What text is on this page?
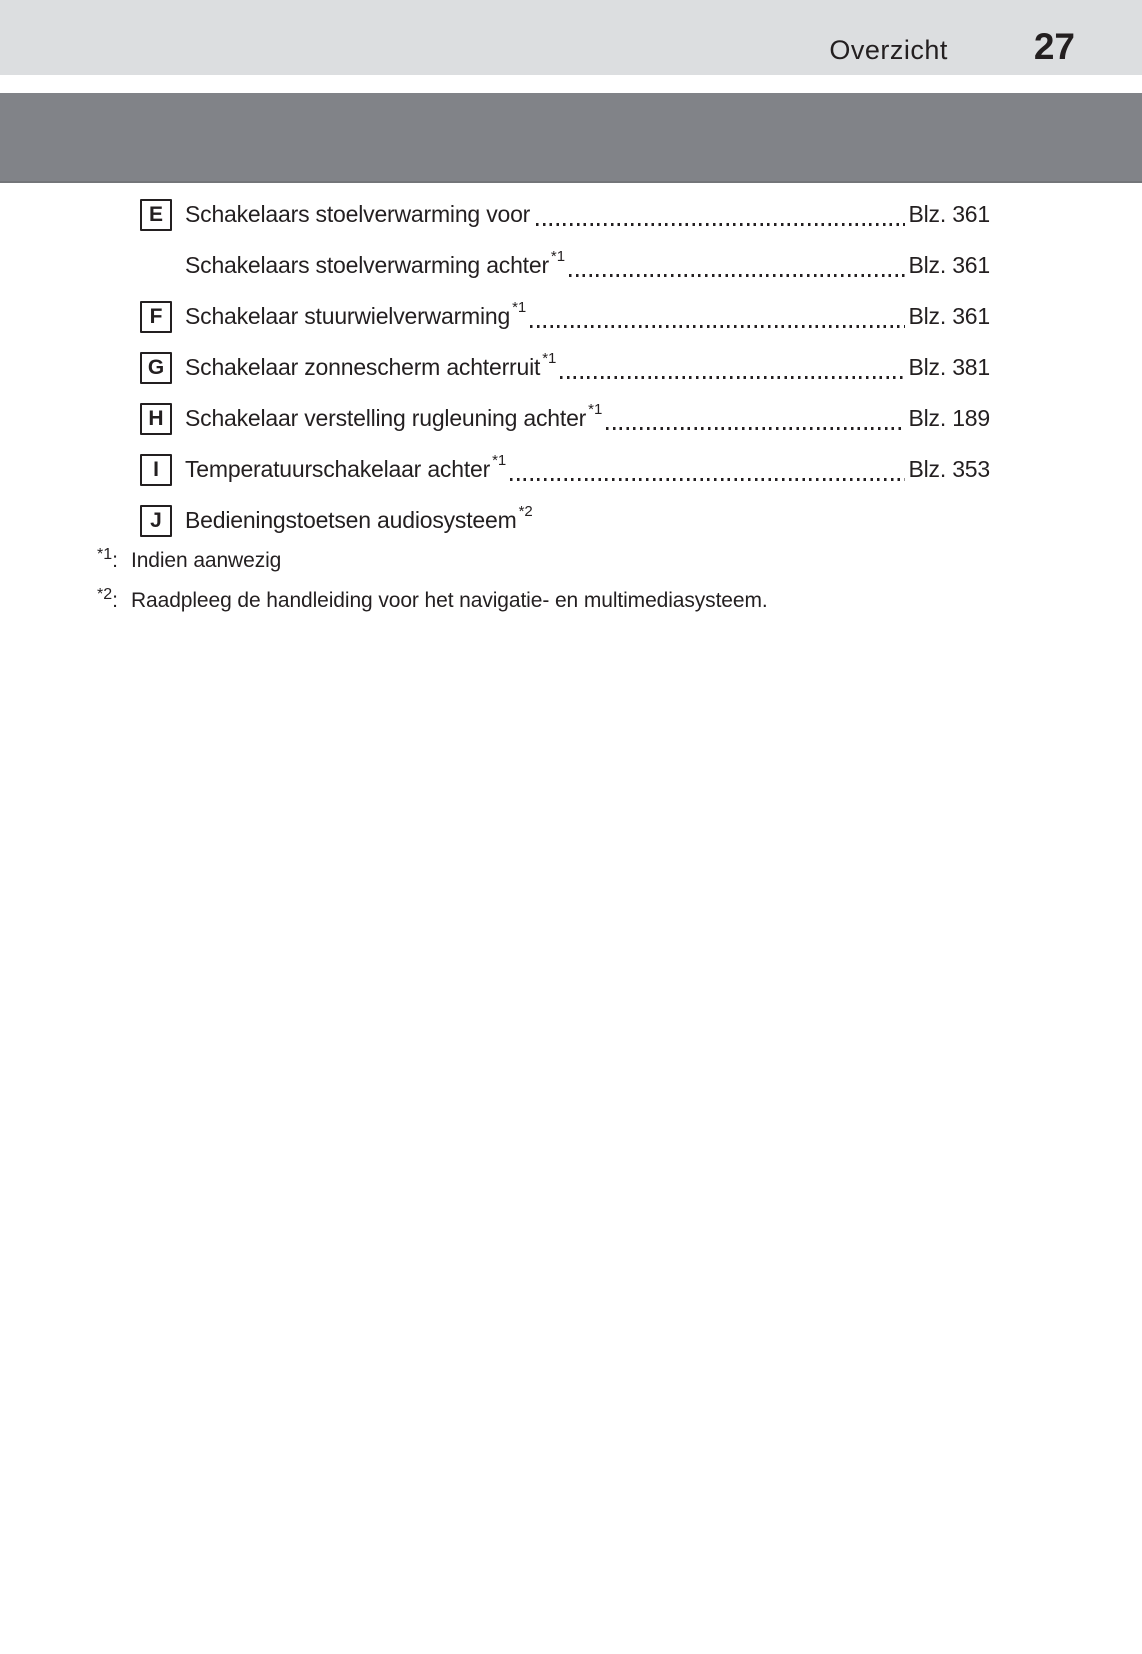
Overzicht 27
E Schakelaars stoelverwarming voor	Blz. 361
Schakelaars stoelverwarming achter *1	Blz. 361
F Schakelaar stuurwielverwarming *1	Blz. 361
G Schakelaar zonnescherm achterruit *1	Blz. 381
H Schakelaar verstelling rugleuning achter *1	Blz. 189
I	Temperatuurschakelaar achter *1	Blz. 353
J	Bedieningstoetsen audiosysteem *2
*1 : Indien aanwezig
*2 : Raadpleeg de handleiding voor het navigatie- en multimediasysteem.
